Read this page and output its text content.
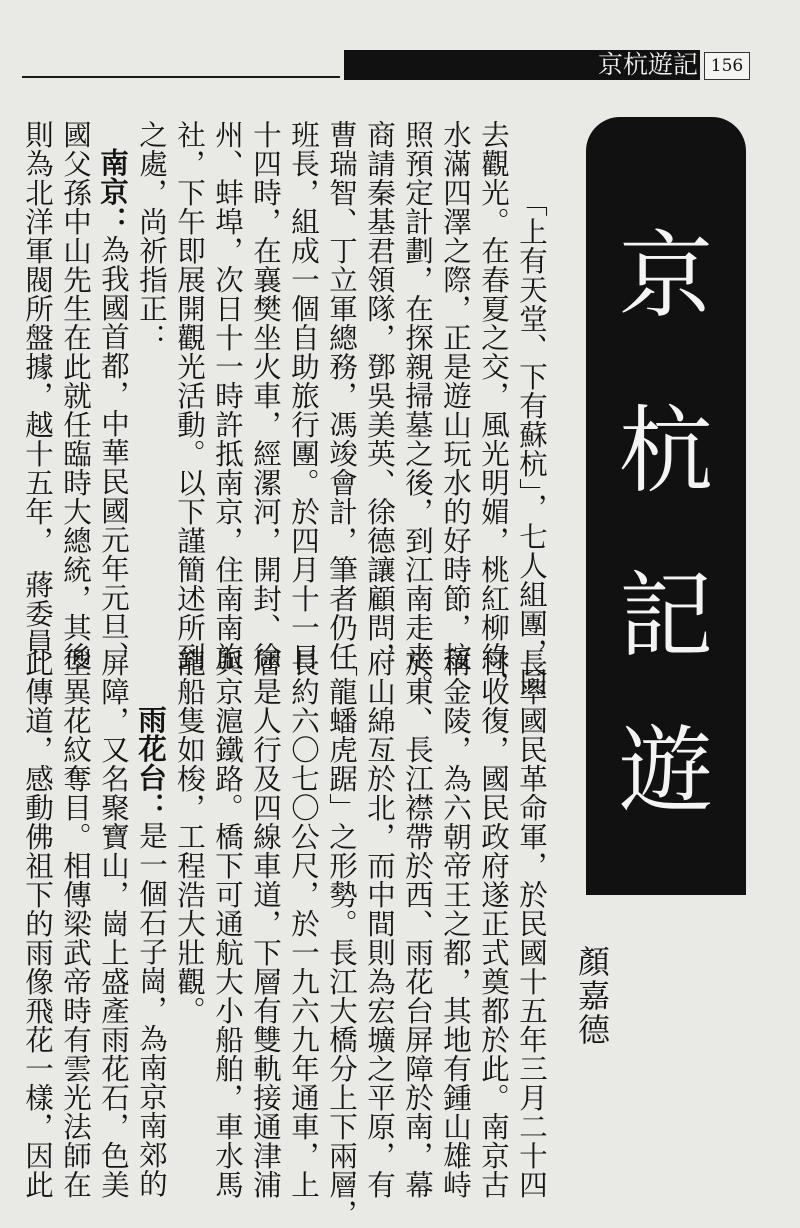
京杭遊記 156
京
杭
記
遊
顏嘉德
「上有天堂、下有蘇杭」，七人組團，同
去觀光。在春夏之交，風光明媚，桃紅柳綠，
水滿四澤之際，正是遊山玩水的好時節，按
照預定計劃，在探親掃墓之後，到江南走走。
商請秦基君領隊，鄧吳美英、徐德讓顧問，
曹瑞智、丁立軍總務，馮竣會計，筆者仍任
班長，組成一個自助旅行團。於四月十一日
十四時，在襄樊坐火車，經漯河，開封、徐
州、蚌埠，次日十一時許抵南京，住南南旅
社，下午即展開觀光活動。以下謹簡述所到
之處，尚祈指正：
南京：為我國首都，中華民國元年元旦、
國父孫中山先生在此就任臨時大總統，其後
則為北洋軍閥所盤據，越十五年，　蔣委員
長率國民革命軍，於民國十五年三月二十四
日收復，國民政府遂正式奠都於此。南京古
稱金陵，為六朝帝王之都，其地有鍾山雄峙
於東、長江襟帶於西、雨花台屏障於南，幕
府山綿亙於北，而中間則為宏壙之平原，有
「龍蟠虎踞」之形勢。長江大橋分上下兩層，
長約六〇七〇公尺，於一九六九年通車，上
層是人行及四線車道，下層有雙軌接通津浦
與京滬鐵路。橋下可通航大小船舶，車水馬
龍船隻如梭，工程浩大壯觀。
雨花台：是一個石子崗，為南京南郊的
屏障，又名聚寶山，崗上盛產雨花石，色美
型異花紋奪目。相傳梁武帝時有雲光法師在
此傳道，感動佛祖下的雨像飛花一樣，因此
